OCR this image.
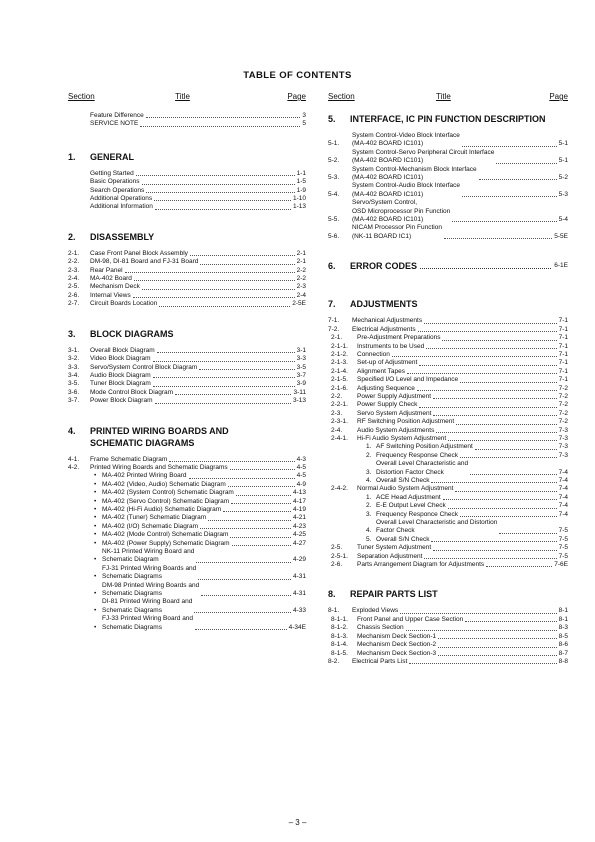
TABLE OF CONTENTS
Section	Title	Page
Feature Difference	3
SERVICE NOTE	5
1.	GENERAL
Getting Started	1-1
Basic Operations	1-5
Search Operations	1-9
Additional Operations	1-10
Additional Information	1-13
2.	DISASSEMBLY
2-1.	Case Front Panel Block Assembly	2-1
2-2.	DM-98, DI-81 Board and FJ-31 Board	2-1
2-3.	Rear Panel	2-2
2-4.	MA-402 Board	2-2
2-5.	Mechanism Deck	2-3
2-6.	Internal Views	2-4
2-7.	Circuit Boards Location	2-5E
3.	BLOCK DIAGRAMS
3-1.	Overall Block Diagram	3-1
3-2.	Video Block Diagram	3-3
3-3.	Servo/System Control Block Diagram	3-5
3-4.	Audio Block Diagram	3-7
3-5.	Tuner Block Diagram	3-9
3-6.	Mode Control Block Diagram	3-11
3-7.	Power Block Diagram	3-13
4.	PRINTED WIRING BOARDS AND
SCHEMATIC DIAGRAMS
4-1.	Frame Schematic Diagram	4-3
4-2.	Printed Wiring Boards and Schematic Diagrams	4-5
• MA-402 Printed Wiring Board	4-5
• MA-402 (Video, Audio) Schematic Diagram	4-9
• MA-402 (System Control) Schematic Diagram	4-13
• MA-402 (Servo Control) Schematic Diagram	4-17
• MA-402 (Hi-Fi Audio) Schematic Diagram	4-19
• MA-402 (Tuner) Schematic Diagram	4-21
• MA-402 (I/O) Schematic Diagram	4-23
• MA-402 (Mode Control) Schematic Diagram	4-25
• MA-402 (Power Supply) Schematic Diagram	4-27
•
NK-11 Printed Wiring Board and
Schematic Diagram	4-29
•
FJ-31 Printed Wiring Boards and
Schematic Diagrams	4-31
•
DM-98 Printed Wiring Boards and
Schematic Diagrams	4-31
•
DI-81 Printed Wiring Board and
Schematic Diagrams	4-33
•
FJ-33 Printed Wiring Board and
Schematic Diagrams	4-34E
Section	Title	Page
5.	INTERFACE, IC PIN FUNCTION DESCRIPTION
5-1.
System Control-Video Block Interface
(MA-402 BOARD IC101)	5-1
5-2.
System Control-Servo Peripheral Circuit Interface
(MA-402 BOARD IC101)	5-1
5-3.
System Control-Mechanism Block Interface
(MA-402 BOARD IC101)	5-2
5-4.
System Control-Audio Block Interface
(MA-402 BOARD IC101)	5-3
5-5.
Servo/System Control,
OSD Microprocessor Pin Function
(MA-402 BOARD IC101)	5-4
5-6.
NICAM Processor Pin Function
(NK-11 BOARD IC1)	5-5E
6.	ERROR CODES	6-1E
7.	ADJUSTMENTS
7-1.	Mechanical Adjustments	7-1
7-2.	Electrical Adjustments	7-1
2-1.	Pre-Adjustment Preparations	7-1
2-1-1.	Instruments to be Used	7-1
2-1-2.	Connection	7-1
2-1-3.	Set-up of Adjustment	7-1
2-1-4.	Alignment Tapes	7-1
2-1-5.	Specified I/O Level and Impedance	7-1
2-1-6.	Adjusting Sequence	7-2
2-2.	Power Supply Adjustment	7-2
2-2-1.	Power Supply Check	7-2
2-3.	Servo System Adjustment	7-2
2-3-1.	RF Switching Position Adjustment	7-2
2-4.	Audio System Adjustments	7-3
2-4-1.	Hi-Fi Audio System Adjustment	7-3
1. AF Switching Position Adjustment	7-3
2. Frequency Response Check	7-3
3.
Overall Level Characteristic and
Distortion Factor Check	7-4
4. Overall S/N Check	7-4
2-4-2.	Normal Audio System Adjustment	7-4
1. ACE Head Adjustment	7-4
2. E-E Output Level Check	7-4
3. Frequency Responce Check	7-4
4.
Overall Level Characteristic and Distortion
Factor Check	7-5
5. Overall S/N Check	7-5
2-5.	Tuner System Adjustment	7-5
2-5-1.	Separation Adjustment	7-5
2-6.	Parts Arrangement Diagram for Adjustments	7-6E
8.	REPAIR PARTS LIST
8-1.	Exploded Views	8-1
8-1-1.	Front Panel and Upper Case Section	8-1
8-1-2.	Chassis Section	8-3
8-1-3.	Mechanism Deck Section-1	8-5
8-1-4.	Mechanism Deck Section-2	8-6
8-1-5.	Mechanism Deck Section-3	8-7
8-2.	Electrical Parts List	8-8
– 3 –
